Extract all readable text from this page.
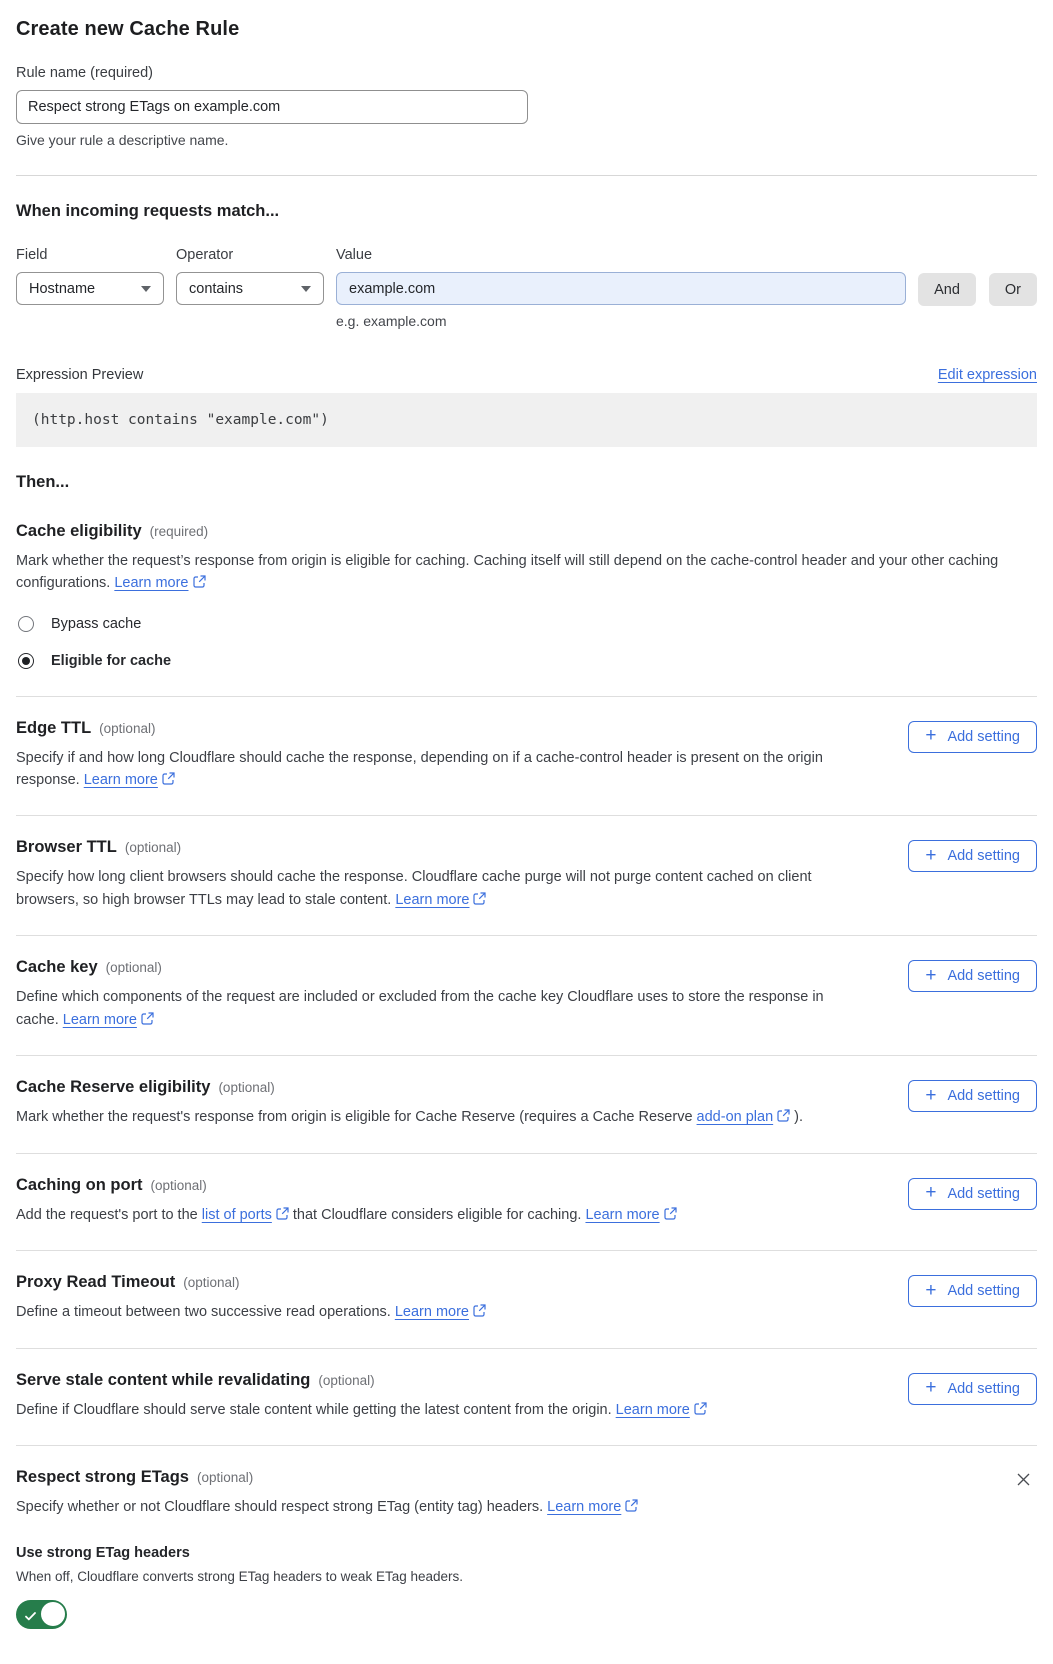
Create new Cache Rule
Rule name (required)
Respect strong ETags on example.com
Give your rule a descriptive name.
When incoming requests match...
Field
Hostname
Operator
contains
Value
example.com
e.g. example.com
And	Or
Expression Preview	Edit expression
(http.host contains "example.com")
Then...
Cache eligibility (required)

Mark whether the request’s response from origin is eligible for caching. Caching itself will still depend on the cache-control header and your other caching configurations. Learn more

Bypass cache
Eligible for cache
Edge TTL (optional)

Specify if and how long Cloudflare should cache the response, depending on if a cache-control header is present on the origin response. Learn more

+ Add setting
Browser TTL (optional)

Specify how long client browsers should cache the response. Cloudflare cache purge will not purge content cached on client browsers, so high browser TTLs may lead to stale content. Learn more

+ Add setting
Cache key (optional)

Define which components of the request are included or excluded from the cache key Cloudflare uses to store the response in cache. Learn more

+ Add setting
Cache Reserve eligibility (optional)

Mark whether the request's response from origin is eligible for Cache Reserve (requires a Cache Reserve add-on plan ).

+ Add setting
Caching on port (optional)

Add the request's port to the list of ports that Cloudflare considers eligible for caching. Learn more

+ Add setting
Proxy Read Timeout (optional)

Define a timeout between two successive read operations. Learn more

+ Add setting
Serve stale content while revalidating (optional)

Define if Cloudflare should serve stale content while getting the latest content from the origin. Learn more

+ Add setting
Respect strong ETags (optional)

Specify whether or not Cloudflare should respect strong ETag (entity tag) headers. Learn more

Use strong ETag headers

When off, Cloudflare converts strong ETag headers to weak ETag headers.
